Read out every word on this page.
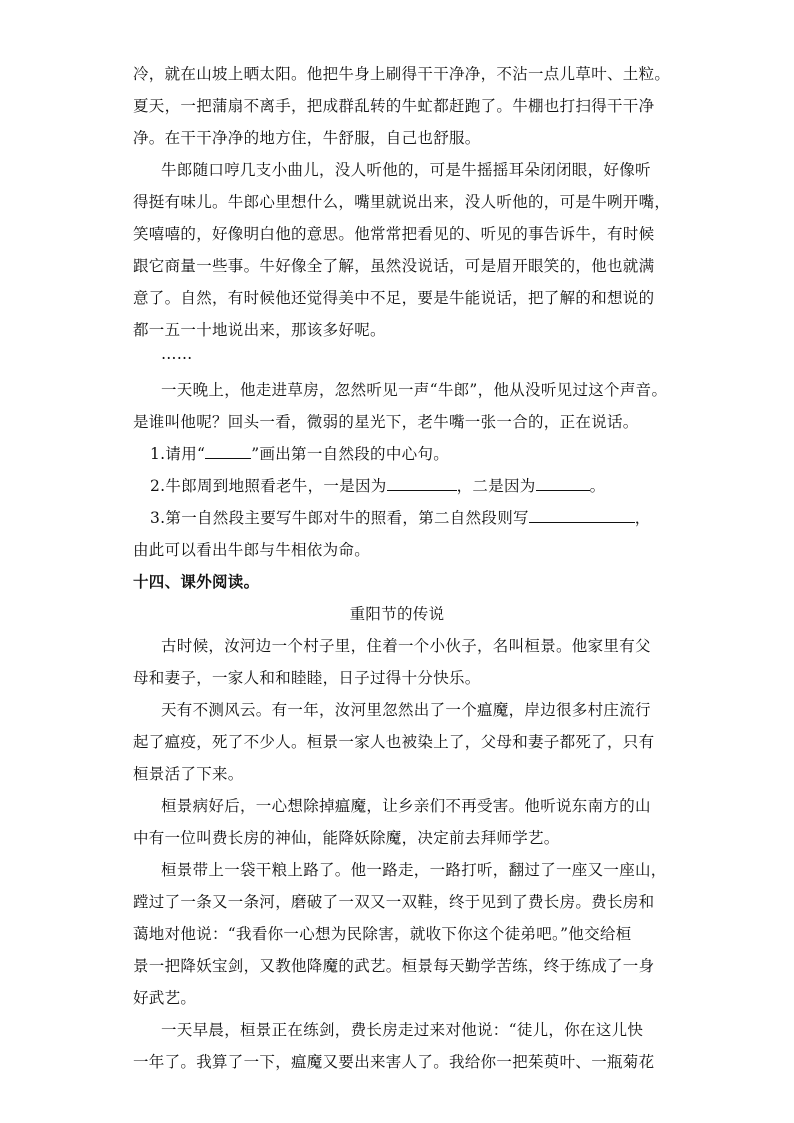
冷，就在山坡上晒太阳。他把牛身上刷得干干净净，不沾一点儿草叶、土粒。
夏天，一把蒲扇不离手，把成群乱转的牛虻都赶跑了。牛棚也打扫得干干净
净。在干干净净的地方住，牛舒服，自己也舒服。
牛郎随口哼几支小曲儿，没人听他的，可是牛摇摇耳朵闭闭眼，好像听
得挺有味儿。牛郎心里想什么，嘴里就说出来，没人听他的，可是牛咧开嘴，
笑嘻嘻的，好像明白他的意思。他常常把看见的、听见的事告诉牛，有时候
跟它商量一些事。牛好像全了解，虽然没说话，可是眉开眼笑的，他也就满
意了。自然，有时候他还觉得美中不足，要是牛能说话，把了解的和想说的
都一五一十地说出来，那该多好呢。
……
一天晚上，他走进草房，忽然听见一声“牛郎”，他从没听见过这个声音。
是谁叫他呢？回头一看，微弱的星光下，老牛嘴一张一合的，正在说话。
1.请用“	”画出第一自然段的中心句。
2.牛郎周到地照看老牛，一是因为	，二是因为	。
3.第一自然段主要写牛郎对牛的照看，第二自然段则写	，
由此可以看出牛郎与牛相依为命。
十四、课外阅读。
重阳节的传说
古时候，汝河边一个村子里，住着一个小伙子，名叫桓景。他家里有父
母和妻子，一家人和和睦睦，日子过得十分快乐。
天有不测风云。有一年，汝河里忽然出了一个瘟魔，岸边很多村庄流行
起了瘟疫，死了不少人。桓景一家人也被染上了，父母和妻子都死了，只有
桓景活了下来。
桓景病好后，一心想除掉瘟魔，让乡亲们不再受害。他听说东南方的山
中有一位叫费长房的神仙，能降妖除魔，决定前去拜师学艺。
桓景带上一袋干粮上路了。他一路走，一路打听，翻过了一座又一座山，
蹚过了一条又一条河，磨破了一双又一双鞋，终于见到了费长房。费长房和
蔼地对他说：“我看你一心想为民除害，就收下你这个徒弟吧。”他交给桓
景一把降妖宝剑，又教他降魔的武艺。桓景每天勤学苦练，终于练成了一身
好武艺。
一天早晨，桓景正在练剑，费长房走过来对他说：“徒儿，你在这儿快
一年了。我算了一下，瘟魔又要出来害人了。我给你一把茱萸叶、一瓶菊花
